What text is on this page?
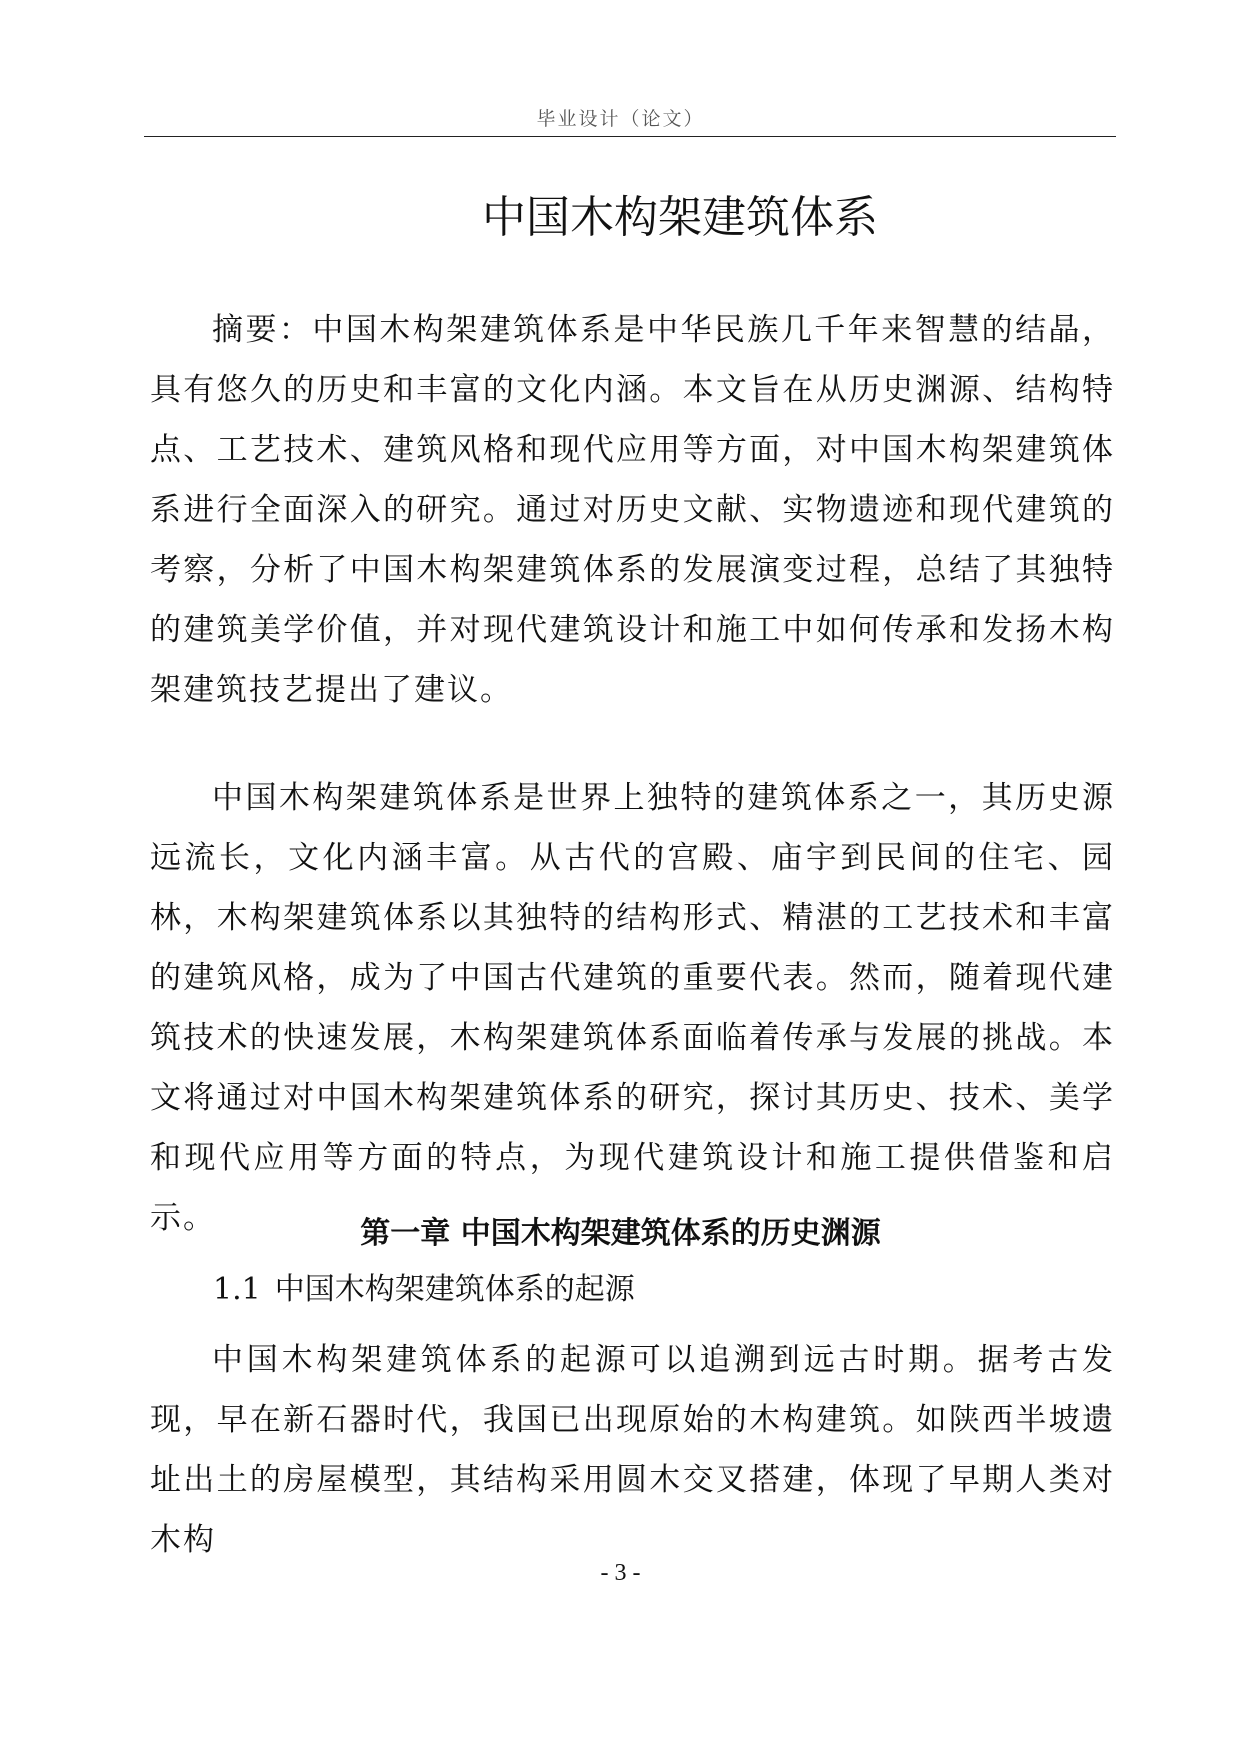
毕业设计（论文）
中国木构架建筑体系

摘要：中国木构架建筑体系是中华民族几千年来智慧的结晶，具有悠久的历史和丰富的文化内涵。本文旨在从历史渊源、结构特点、工艺技术、建筑风格和现代应用等方面，对中国木构架建筑体系进行全面深入的研究。通过对历史文献、实物遗迹和现代建筑的考察，分析了中国木构架建筑体系的发展演变过程，总结了其独特的建筑美学价值，并对现代建筑设计和施工中如何传承和发扬木构架建筑技艺提出了建议。

中国木构架建筑体系是世界上独特的建筑体系之一，其历史源远流长，文化内涵丰富。从古代的宫殿、庙宇到民间的住宅、园林，木构架建筑体系以其独特的结构形式、精湛的工艺技术和丰富的建筑风格，成为了中国古代建筑的重要代表。然而，随着现代建筑技术的快速发展，木构架建筑体系面临着传承与发展的挑战。本文将通过对中国木构架建筑体系的研究，探讨其历史、技术、美学和现代应用等方面的特点，为现代建筑设计和施工提供借鉴和启示。	第一章 中国木构架建筑体系的历史渊源
1.1 中国木构架建筑体系的起源

中国木构架建筑体系的起源可以追溯到远古时期。据考古发现，早在新石器时代，我国已出现原始的木构建筑。如陕西半坡遗址出土的房屋模型，其结构采用圆木交叉搭建，体现了早期人类对木构

- 3 -
